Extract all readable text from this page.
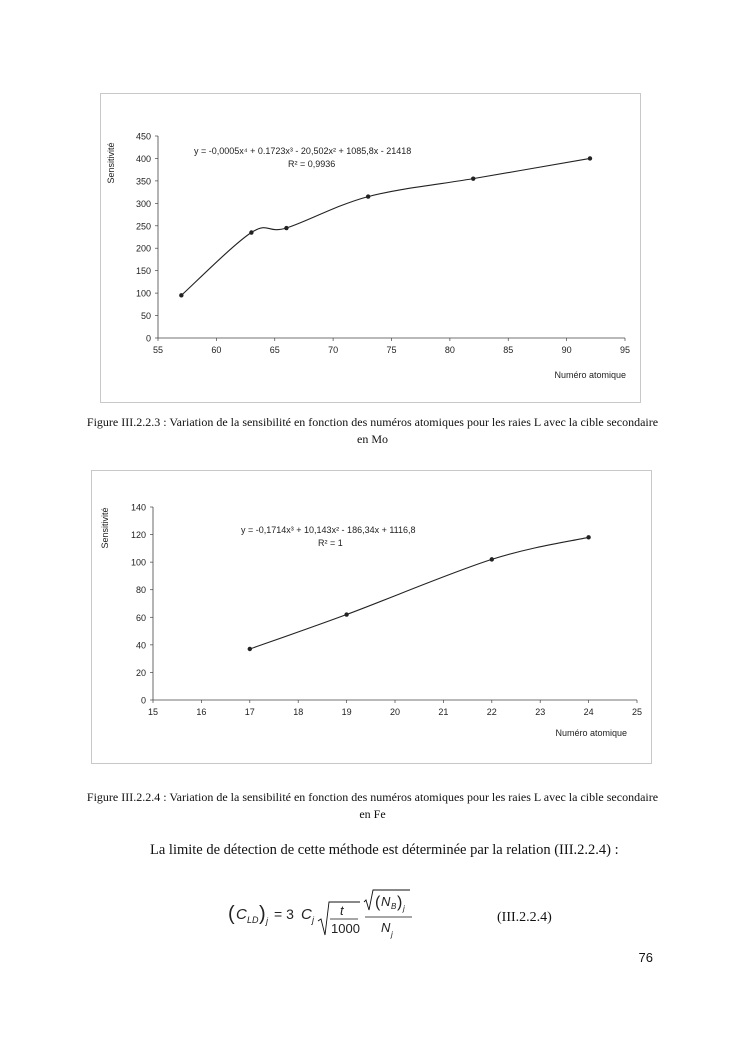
0
50
100
150
200
250
300
350
400
450
55	60	65	70	75	80	85	90	95
Numéro atomique
Sensitivité	y = -0,0005x⁴ + 0.1723x³ - 20,502x² + 1085,8x - 21418
R² = 0,9936
Figure III.2.2.3 : Variation de la sensibilité en fonction des numéros atomiques pour les raies L avec la cible secondaire en Mo
0
20
40
60
80
100
120
140
15	16	17	18	19	20	21	22	23	24	25
Numéro atomique
Sensitivité	y = -0,1714x³ + 10,143x² - 186,34x + 1116,8
R² = 1
Figure III.2.2.4 : Variation de la sensibilité en fonction des numéros atomiques pour les raies L avec la cible secondaire en Fe
La limite de détection de cette méthode est déterminée par la relation (III.2.2.4) :
( C LD ) j = 3 C j
t
1000
( N B ) j
N j
(III.2.2.4)
76
